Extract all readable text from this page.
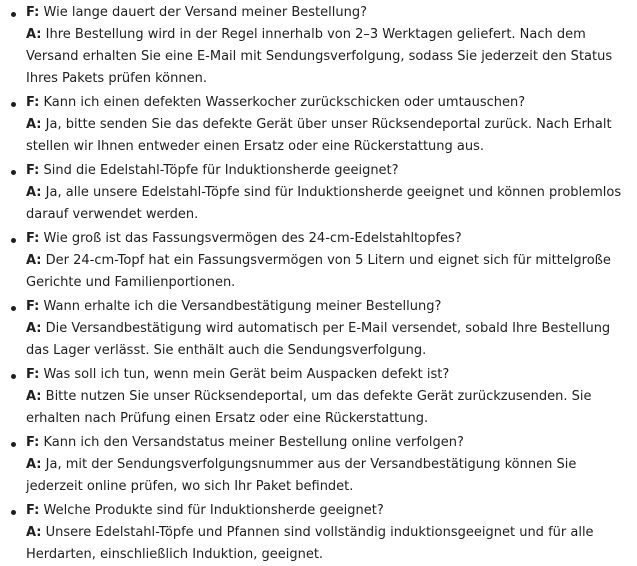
F: Wie lange dauert der Versand meiner Bestellung?

A: Ihre Bestellung wird in der Regel innerhalb von 2–3 Werktagen geliefert. Nach dem Versand erhalten Sie eine E-Mail mit Sendungsverfolgung, sodass Sie jederzeit den Status Ihres Pakets prüfen können.

F: Kann ich einen defekten Wasserkocher zurückschicken oder umtauschen?

A: Ja, bitte senden Sie das defekte Gerät über unser Rücksendeportal zurück. Nach Erhalt stellen wir Ihnen entweder einen Ersatz oder eine Rückerstattung aus.

F: Sind die Edelstahl-Töpfe für Induktionsherde geeignet?

A: Ja, alle unsere Edelstahl-Töpfe sind für Induktionsherde geeignet und können problemlos darauf verwendet werden.

F: Wie groß ist das Fassungsvermögen des 24-cm-Edelstahltopfes?

A: Der 24-cm-Topf hat ein Fassungsvermögen von 5 Litern und eignet sich für mittelgroße Gerichte und Familienportionen.

F: Wann erhalte ich die Versandbestätigung meiner Bestellung?

A: Die Versandbestätigung wird automatisch per E-Mail versendet, sobald Ihre Bestellung das Lager verlässt. Sie enthält auch die Sendungsverfolgung.

F: Was soll ich tun, wenn mein Gerät beim Auspacken defekt ist?

A: Bitte nutzen Sie unser Rücksendeportal, um das defekte Gerät zurückzusenden. Sie erhalten nach Prüfung einen Ersatz oder eine Rückerstattung.

F: Kann ich den Versandstatus meiner Bestellung online verfolgen?

A: Ja, mit der Sendungsverfolgungsnummer aus der Versandbestätigung können Sie jederzeit online prüfen, wo sich Ihr Paket befindet.

F: Welche Produkte sind für Induktionsherde geeignet?

A: Unsere Edelstahl-Töpfe und Pfannen sind vollständig induktionsgeeignet und für alle Herdarten, einschließlich Induktion, geeignet.
